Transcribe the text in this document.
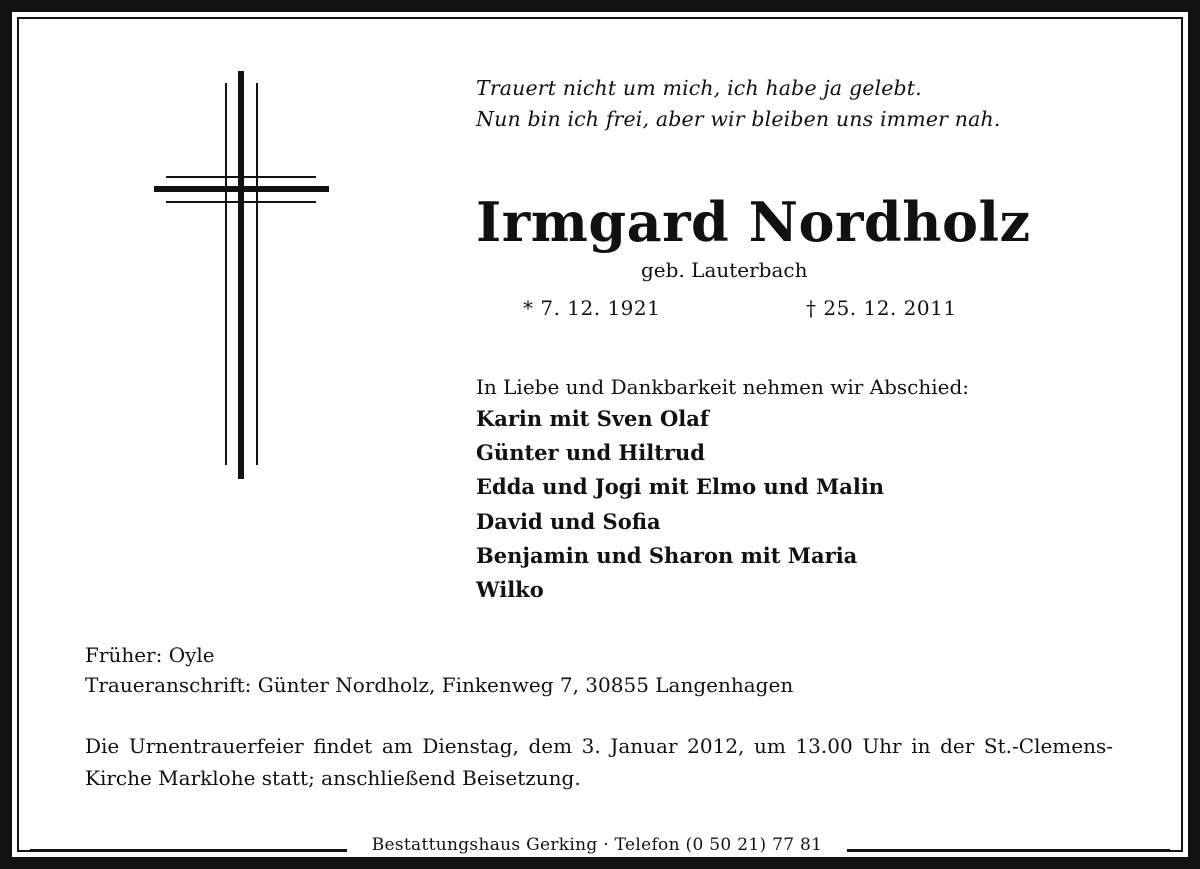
Trauert nicht um mich, ich habe ja gelebt.
Nun bin ich frei, aber wir bleiben uns immer nah.
Irmgard Nordholz
geb. Lauterbach
* 7. 12. 1921	† 25. 12. 2011
In Liebe und Dankbarkeit nehmen wir Abschied:
Karin mit Sven Olaf
Günter und Hiltrud
Edda und Jogi mit Elmo und Malin
David und Sofia
Benjamin und Sharon mit Maria
Wilko
Früher: Oyle
Traueranschrift: Günter Nordholz, Finkenweg 7, 30855 Langenhagen
Die Urnentrauerfeier findet am Dienstag, dem 3. Januar 2012, um 13.00 Uhr in der St.-Clemens-Kirche Marklohe statt; anschließend Beisetzung.
Bestattungshaus Gerking · Telefon (0 50 21) 77 81
